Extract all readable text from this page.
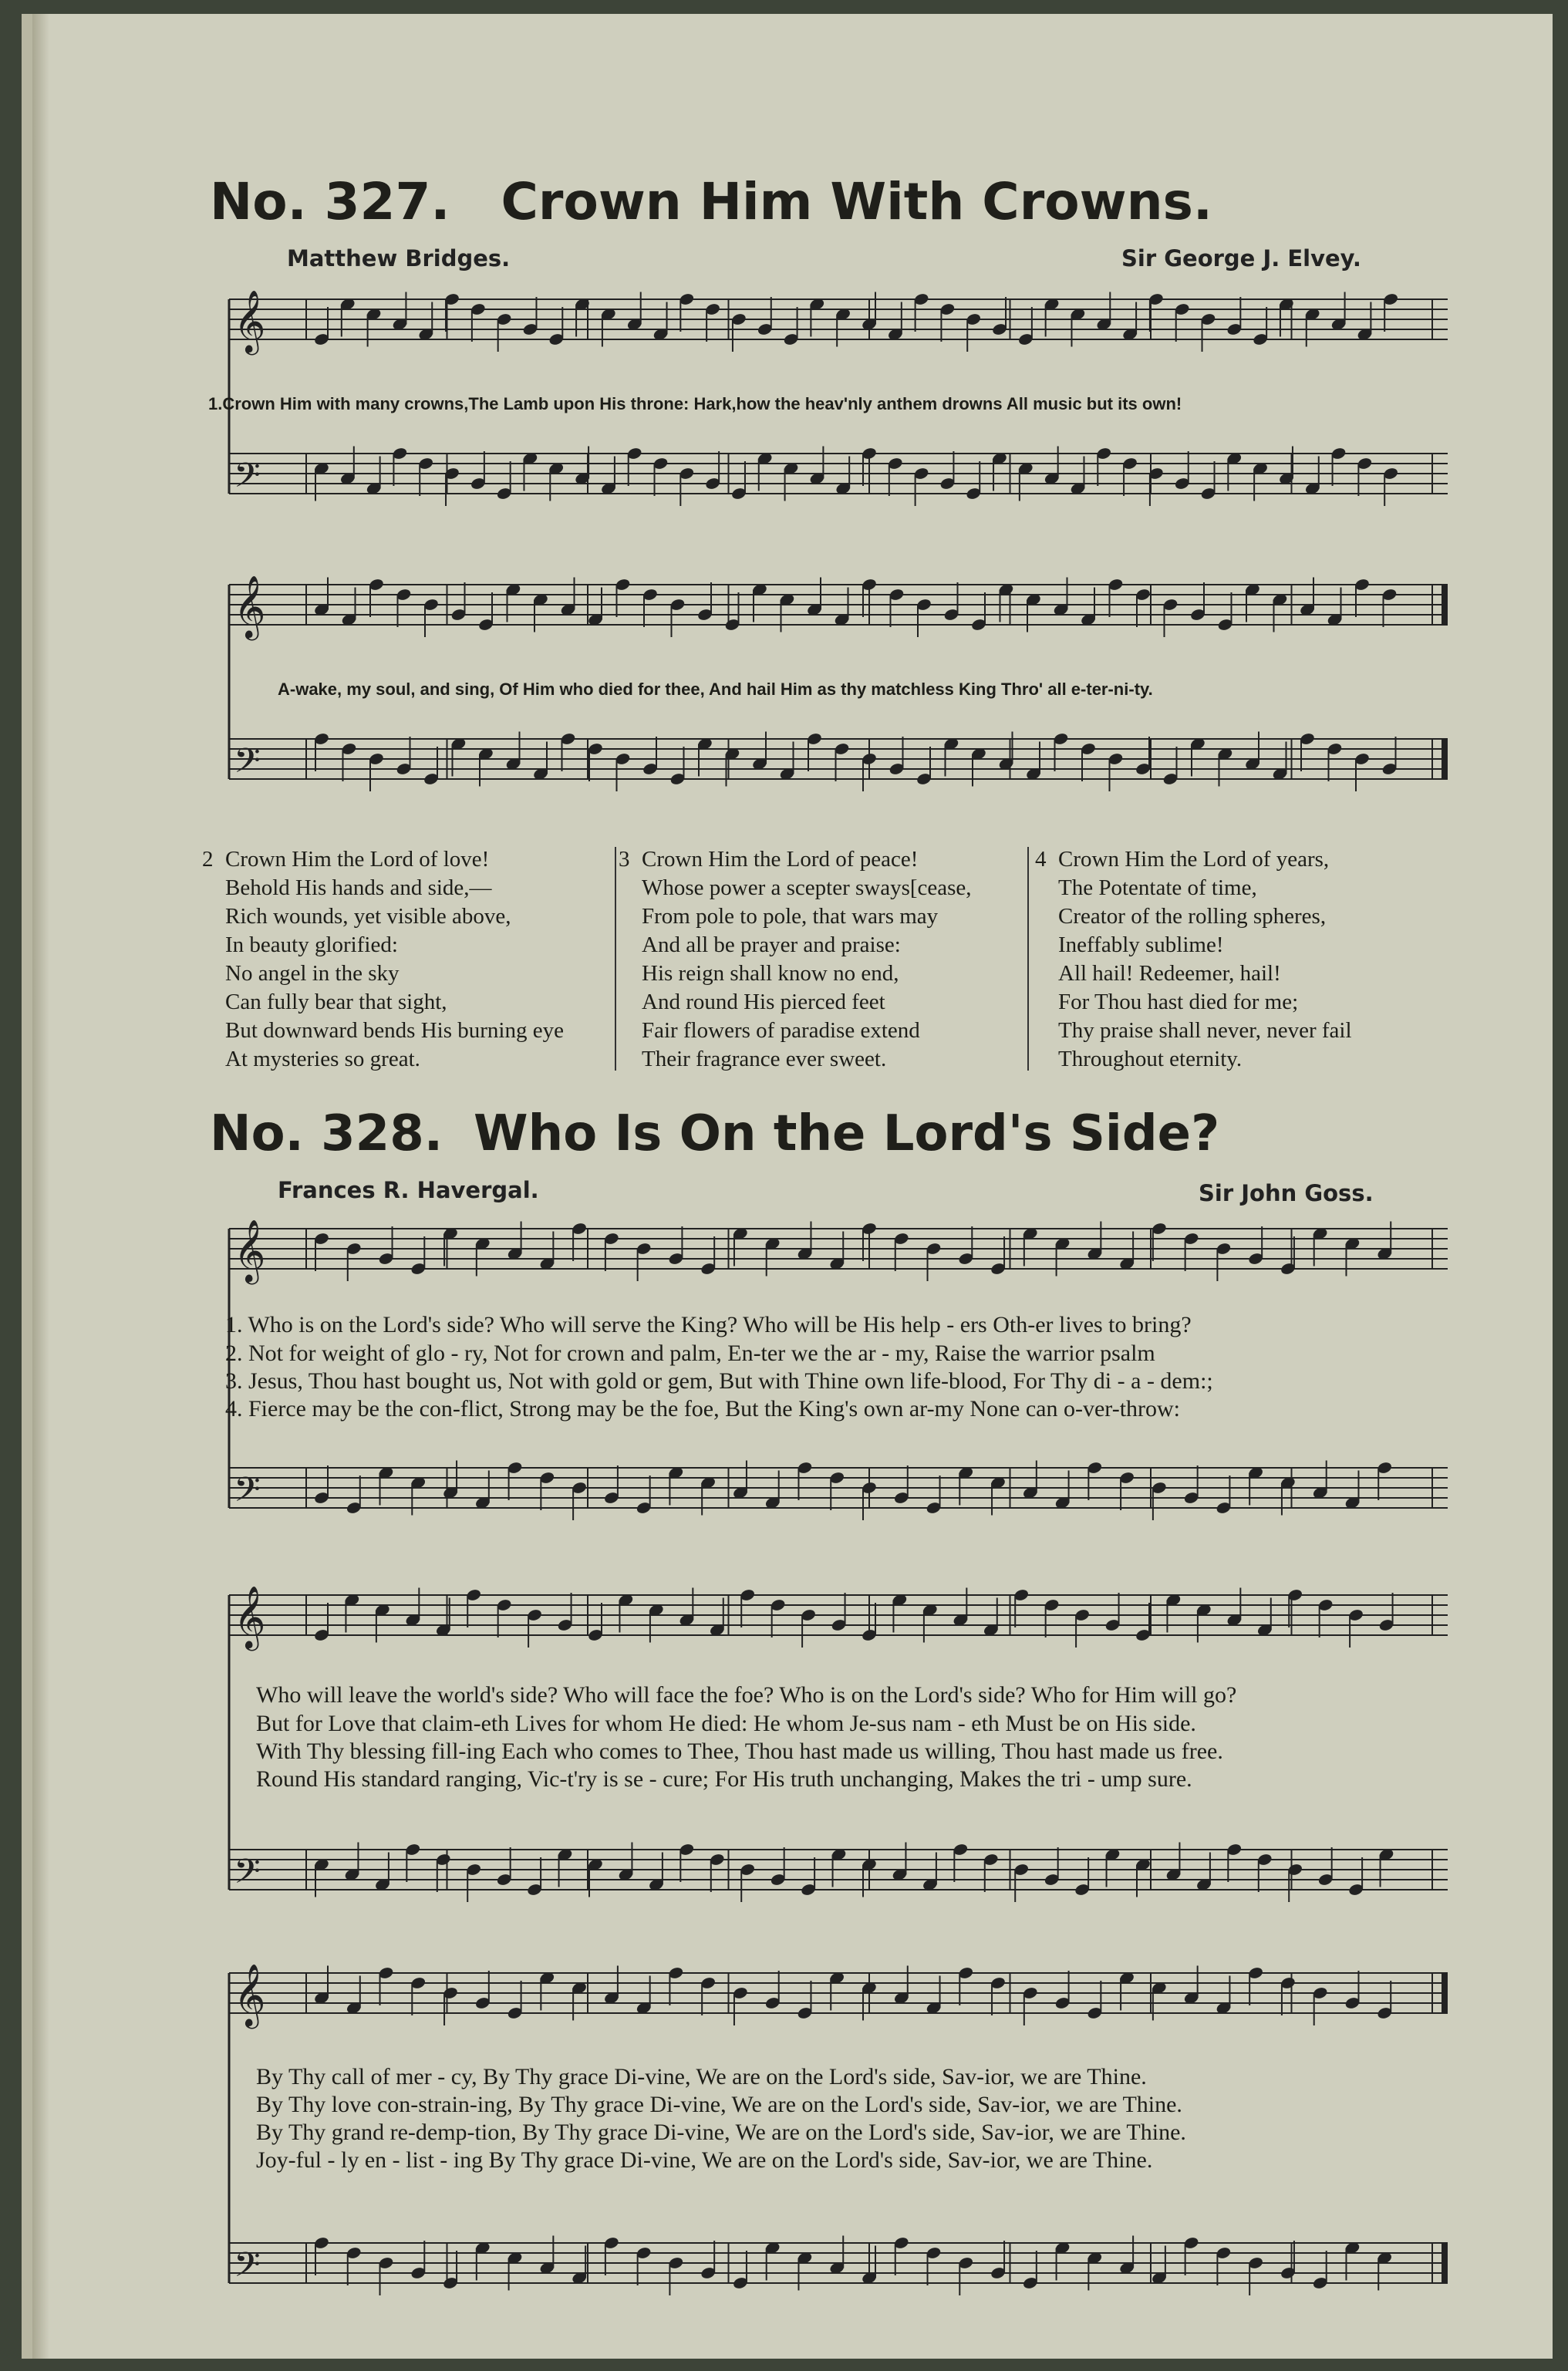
No. 327. Crown Him With Crowns.
Matthew Bridges.	Sir George J. Elvey.
𝄞
𝄢
1.Crown Him with many crowns,The Lamb upon His throne: Hark,how the heav'nly anthem drowns All music but its own!
𝄞
𝄢
A-wake, my soul, and sing, Of Him who died for thee, And hail Him as thy matchless King Thro' all e-ter-ni-ty.
2 Crown Him the Lord of love!
Behold His hands and side,—
Rich wounds, yet visible above,
In beauty glorified:
No angel in the sky
Can fully bear that sight,
But downward bends His burning eye
At mysteries so great.
3 Crown Him the Lord of peace!
Whose power a scepter sways[cease,
From pole to pole, that wars may
And all be prayer and praise:
His reign shall know no end,
And round His pierced feet
Fair flowers of paradise extend
Their fragrance ever sweet.
4 Crown Him the Lord of years,
The Potentate of time,
Creator of the rolling spheres,
Ineffably sublime!
All hail! Redeemer, hail!
For Thou hast died for me;
Thy praise shall never, never fail
Throughout eternity.
No. 328. Who Is On the Lord's Side?
Frances R. Havergal.	Sir John Goss.
𝄞
𝄢
1. Who is on the Lord's side? Who will serve the King? Who will be His help - ers Oth-er lives to bring?
2. Not for weight of glo - ry, Not for crown and palm, En-ter we the ar - my, Raise the warrior psalm
3. Jesus, Thou hast bought us, Not with gold or gem, But with Thine own life-blood, For Thy di - a - dem:;
4. Fierce may be the con-flict, Strong may be the foe, But the King's own ar-my None can o-ver-throw:
𝄞
𝄢
Who will leave the world's side? Who will face the foe? Who is on the Lord's side? Who for Him will go?
But for Love that claim-eth Lives for whom He died: He whom Je-sus nam - eth Must be on His side.
With Thy blessing fill-ing Each who comes to Thee, Thou hast made us willing, Thou hast made us free.
Round His standard ranging, Vic-t'ry is se - cure; For His truth unchanging, Makes the tri - ump sure.
𝄞
𝄢
By Thy call of mer - cy, By Thy grace Di-vine, We are on the Lord's side, Sav-ior, we are Thine.
By Thy love con-strain-ing, By Thy grace Di-vine, We are on the Lord's side, Sav-ior, we are Thine.
By Thy grand re-demp-tion, By Thy grace Di-vine, We are on the Lord's side, Sav-ior, we are Thine.
Joy-ful - ly en - list - ing By Thy grace Di-vine, We are on the Lord's side, Sav-ior, we are Thine.
